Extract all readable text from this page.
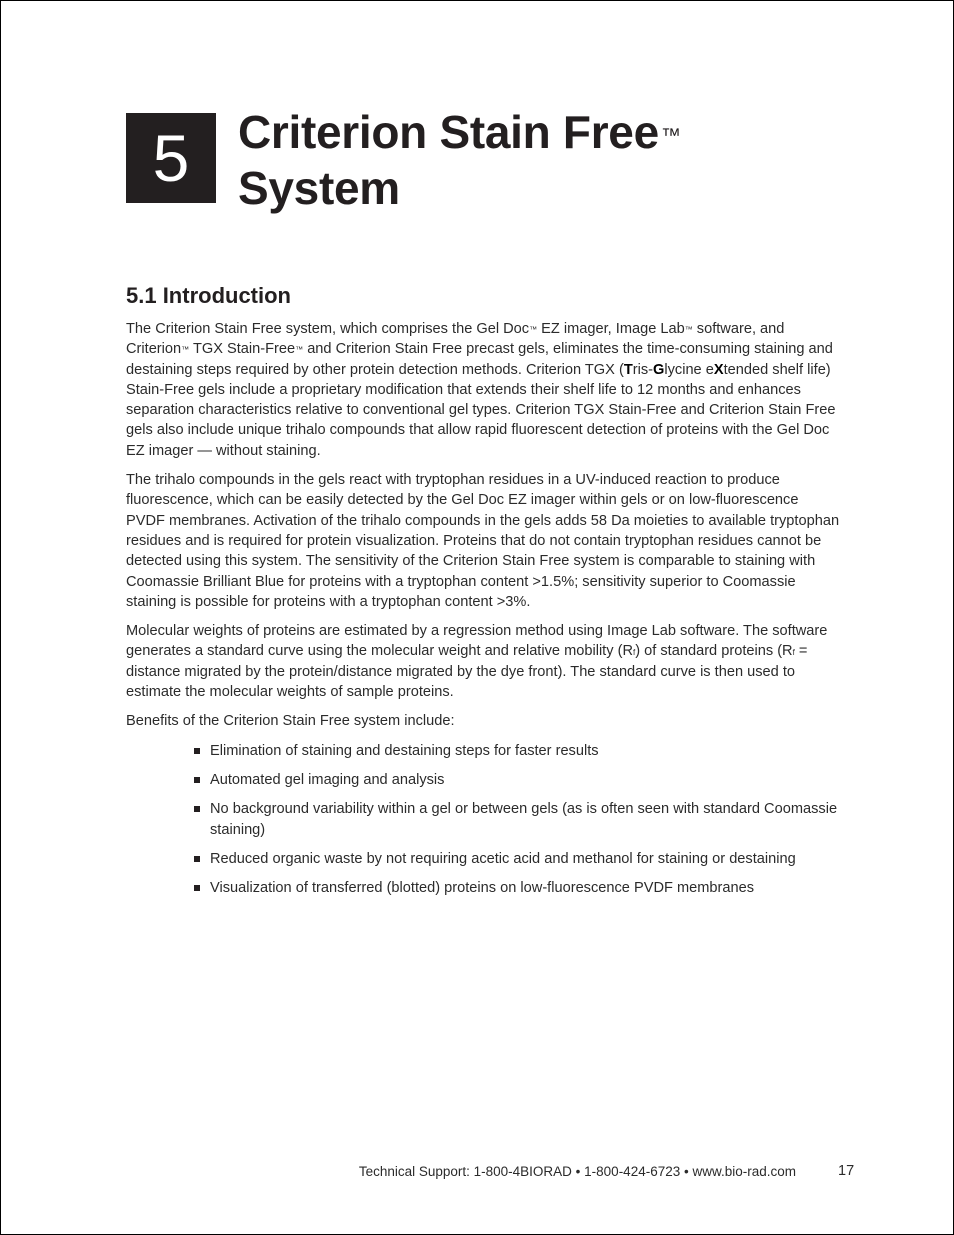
5	Criterion Stain Free ™
System
5.1 Introduction

The Criterion Stain Free system, which comprises the Gel Doc™ EZ imager, Image Lab™ software, and Criterion™ TGX Stain-Free™ and Criterion Stain Free precast gels, eliminates the time-consuming staining and destaining steps required by other protein detection methods. Criterion TGX (Tris-Glycine eXtended shelf life) Stain-Free gels include a proprietary modification that extends their shelf life to 12 months and enhances separation characteristics relative to conventional gel types. Criterion TGX Stain-Free and Criterion Stain Free gels also include unique trihalo compounds that allow rapid fluorescent detection of proteins with the Gel Doc EZ imager — without staining.

The trihalo compounds in the gels react with tryptophan residues in a UV-induced reaction to produce fluorescence, which can be easily detected by the Gel Doc EZ imager within gels or on low-fluorescence PVDF membranes. Activation of the trihalo compounds in the gels adds 58 Da moieties to available tryptophan residues and is required for protein visualization. Proteins that do not contain tryptophan residues cannot be detected using this system. The sensitivity of the Criterion Stain Free system is comparable to staining with Coomassie Brilliant Blue for proteins with a tryptophan content >1.5%; sensitivity superior to Coomassie staining is possible for proteins with a tryptophan content >3%.

Molecular weights of proteins are estimated by a regression method using Image Lab software. The software generates a standard curve using the molecular weight and relative mobility (Rf) of standard proteins (Rf = distance migrated by the protein/distance migrated by the dye front). The standard curve is then used to estimate the molecular weights of sample proteins.

Benefits of the Criterion Stain Free system include:

Elimination of staining and destaining steps for faster results
Automated gel imaging and analysis
No background variability within a gel or between gels (as is often seen with standard Coomassie staining)
Reduced organic waste by not requiring acetic acid and methanol for staining or destaining
Visualization of transferred (blotted) proteins on low-fluorescence PVDF membranes
Technical Support: 1-800-4BIORAD • 1-800-424-6723 • www.bio-rad.com	17
